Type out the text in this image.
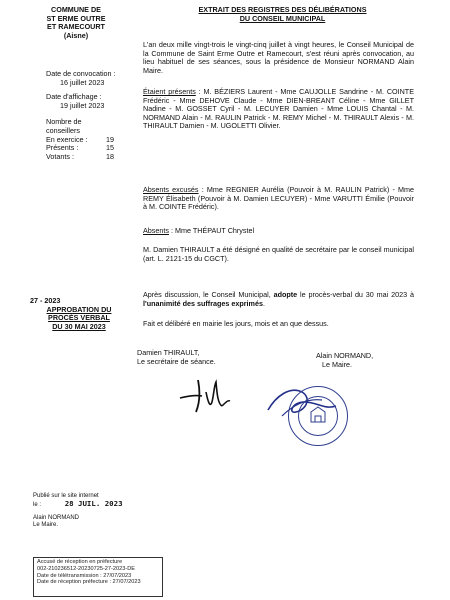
COMMUNE DE
ST ERME OUTRE
ET RAMECOURT
(Aisne)
EXTRAIT DES REGISTRES DES DÉLIBÉRATIONS
DU CONSEIL MUNICIPAL
Date de convocation :
16 juillet 2023
Date d'affichage :
19 juillet 2023
Nombre de
conseillers
En exercice :	19
Présents :	15
Votants :	18
L'an deux mille vingt-trois le vingt-cinq juillet à vingt heures, le Conseil Municipal de la Commune de Saint Erme Outre et Ramecourt, s'est réuni après convocation, au lieu habituel de ses séances, sous la présidence de Monsieur NORMAND Alain Maire.
Étaient présents : M. BÉZIERS Laurent - Mme CAUJOLLE Sandrine - M. COINTE Frédéric - Mme DEHOVE Claude - Mme DIEN-BREANT Céline - Mme GILLET Nadine - M. GOSSET Cyril - M. LECUYER Damien - Mme LOUIS Chantal - M. NORMAND Alain - M. RAULIN Patrick - M. REMY Michel - M. THIRAULT Alexis - M. THIRAULT Damien - M. UGOLETTI Olivier.
Absents excusés : Mme REGNIER Aurélia (Pouvoir à M. RAULIN Patrick) - Mme REMY Élisabeth (Pouvoir à M. Damien LECUYER) - Mme VARUTTI Émilie (Pouvoir à M. COINTE Frédéric).
Absents : Mme THÉPAUT Chrystel
M. Damien THIRAULT a été désigné en qualité de secrétaire par le conseil municipal (art. L. 2121-15 du CGCT).
27 - 2023
APPROBATION DU
PROCÈS VERBAL
DU 30 MAI 2023
Après discussion, le Conseil Municipal, adopte le procès-verbal du 30 mai 2023 à l'unanimité des suffrages exprimés.
Fait et délibéré en mairie les jours, mois et an que dessus.
Damien THIRAULT,
Le secrétaire de séance.
Alain NORMAND,
Le Maire.
Publié sur le site internet
le :	28 JUIL. 2023
Alain NORMAND
Le Maire.
Accusé de réception en préfecture
002-210236512-20230725-27-2023-DE
Date de télétransmission : 27/07/2023
Date de réception préfecture : 27/07/2023
